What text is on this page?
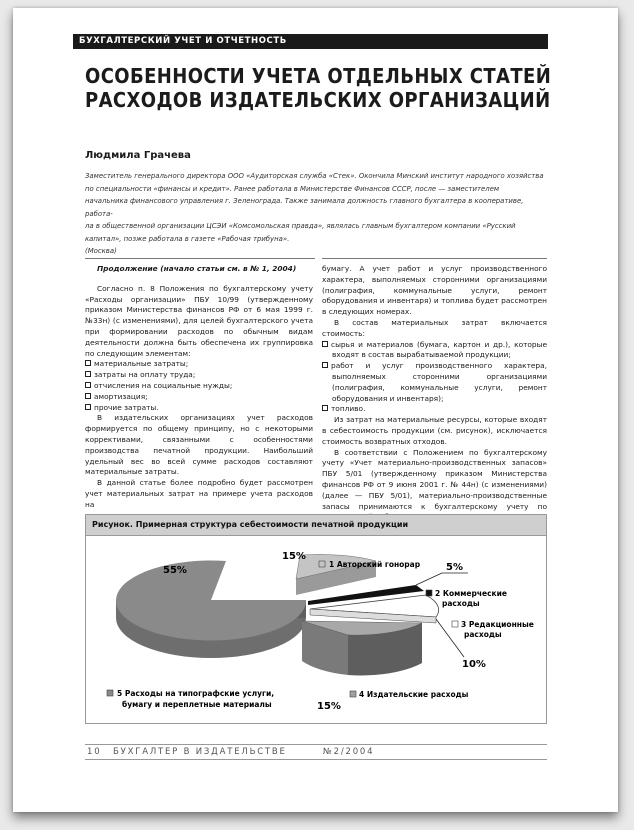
БУХГАЛТЕРСКИЙ УЧЕТ И ОТЧЕТНОСТЬ
ОСОБЕННОСТИ УЧЕТА ОТДЕЛЬНЫХ СТАТЕЙ
РАСХОДОВ ИЗДАТЕЛЬСКИХ ОРГАНИЗАЦИЙ
Людмила Грачева
Заместитель генерального директора ООО «Аудиторская служба «Стек». Окончила Минский институт народного хозяйства
по специальности «финансы и кредит». Ранее работала в Министерстве Финансов СССР, после — заместителем
начальника финансового управления г. Зеленограда. Также занимала должность главного бухгалтера в кооперативе, работа-
ла в общественной организации ЦСЭИ «Комсомольская правда», являлась главным бухгалтером компании «Русский
капитал», позже работала в газете «Рабочая трибуна».
(Москва)

Продолжение (начало статьи см. в № 1, 2004)

Согласно п. 8 Положения по бухгалтерскому учету «Расходы организации» ПБУ 10/99 (утвержденному приказом Министерства финансов РФ от 6 мая 1999 г. №33н) (с изменениями), для целей бухгалтерского учета при формировании расходов по обычным видам деятельности должна быть обеспечена их группировка по следующим элементам:

материальные затраты;
затраты на оплату труда;
отчисления на социальные нужды;
амортизация;
прочие затраты.

В издательских организациях учет расходов формируется по общему принципу, но с некоторыми коррективами, связанными с особенностями производства печатной продукции. Наибольший удельный вес во всей сумме расходов составляют материальные затраты.

В данной статье более подробно будет рассмотрен учет материальных затрат на примере учета расходов на

бумагу. А учет работ и услуг производственного характера, выполняемых сторонними организациями (полиграфия, коммунальные услуги, ремонт оборудования и инвентаря) и топлива будет рассмотрен в следующих номерах.

В состав материальных затрат включается стоимость:

сырья и материалов (бумага, картон и др.), которые входят в состав вырабатываемой продукции;
работ и услуг производственного характера, выполняемых сторонними организациями (полиграфия, коммунальные услуги, ремонт оборудования и инвентаря);
топливо.

Из затрат на материальные ресурсы, которые входят в себестоимость продукции (см. рисунок), исключается стоимость возвратных отходов.

В соответствии с Положением по бухгалтерскому учету «Учет материально-производственных запасов» ПБУ 5/01 (утвержденному приказом Министерства финансов РФ от 9 июня 2001 г. № 44н) (с изменениями) (далее — ПБУ 5/01), материально-производственные запасы принимаются к бухгалтерскому учету по

Рисунок. Примерная структура себестоимости печатной продукции
55%
15%
5%
10%
15%
1 Авторский гонорар
2 Коммерческие
расходы
3 Редакционные
расходы
4 Издательские расходы
5 Расходы на типографские услуги,
бумагу и переплетные материалы
10 БУХГАЛТЕР В ИЗДАТЕЛЬСТВЕ	№2/2004
